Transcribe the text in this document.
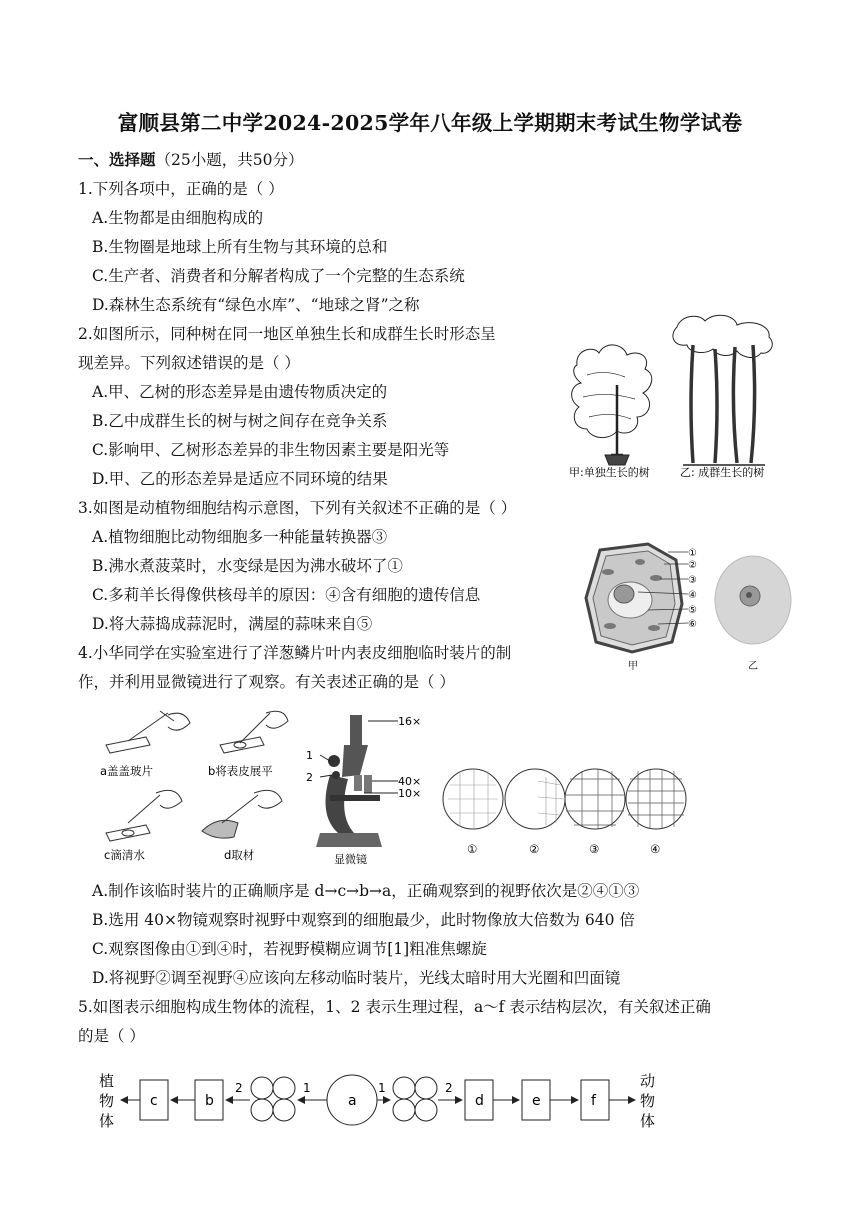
富顺县第二中学2024-2025学年八年级上学期期末考试生物学试卷
一、选择题（25小题，共50分）
1.下列各项中，正确的是（ ）
A.生物都是由细胞构成的
B.生物圈是地球上所有生物与其环境的总和
C.生产者、消费者和分解者构成了一个完整的生态系统
D.森林生态系统有“绿色水库”、“地球之肾”之称
2.如图所示，同种树在同一地区单独生长和成群生长时形态呈
现差异。下列叙述错误的是（ ）
A.甲、乙树的形态差异是由遗传物质决定的
B.乙中成群生长的树与树之间存在竞争关系
C.影响甲、乙树形态差异的非生物因素主要是阳光等
D.甲、乙的形态差异是适应不同环境的结果	甲:单独生长的树	乙: 成群生长的树
3.如图是动植物细胞结构示意图，下列有关叙述不正确的是（ ）
A.植物细胞比动物细胞多一种能量转换器③
B.沸水煮菠菜时，水变绿是因为沸水破坏了①
C.多莉羊长得像供核母羊的原因：④含有细胞的遗传信息
D.将大蒜捣成蒜泥时，满屋的蒜味来自⑤
①
②
③
④
⑤
⑥
甲	乙
4.小华同学在实验室进行了洋葱鳞片叶内表皮细胞临时装片的制
作，并利用显微镜进行了观察。有关表述正确的是（ ）
a盖盖玻片	b将表皮展平
c滴清水	d取材
16×
1
2	40×
10×
显微镜
①	②	③	④
A.制作该临时装片的正确顺序是 d→c→b→a，正确观察到的视野依次是②④①③
B.选用 40×物镜观察时视野中观察到的细胞最少，此时物像放大倍数为 640 倍
C.观察图像由①到④时，若视野模糊应调节[1]粗准焦螺旋
D.将视野②调至视野④应该向左移动临时装片，光线太暗时用大光圈和凹面镜
5.如图表示细胞构成生物体的流程，1、2 表示生理过程，a～f 表示结构层次，有关叙述正确
的是（ ）
植
物
体
动
物
体
c	b	a	d	e	f
2	1	1	2
